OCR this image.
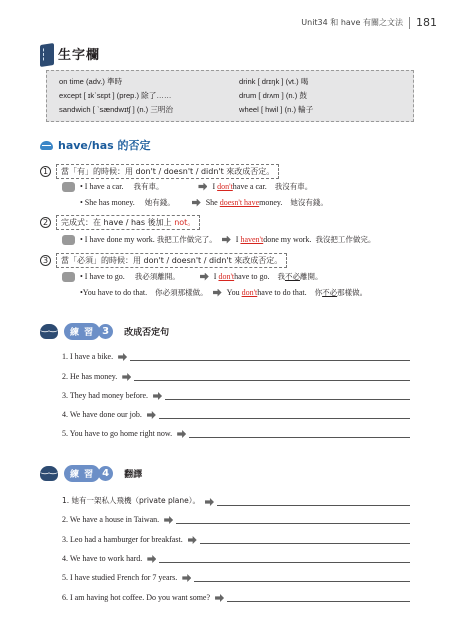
Unit34 和 have 有關之文法 181
生字欄
on time (adv.) 準時	drink [ drɪŋk ] (vt.) 喝
except [ ɪkˋsɛpt ] (prep.) 除了……	drum [ drʌm ] (n.) 鼓
sandwich [ ˋsændwɪtʃ ] (n.) 三明治	wheel [ hwil ] (n.) 輪子
have/has 的否定
1	當「有」的時候：用 don't / doesn't / didn't 來改成否定。
• I have a car. 我有車。	I don't have a car. 我沒有車。
• She has money. 她有錢。	She doesn't have money. 她沒有錢。
2	完成式：在 have / has 後加上 not。
• I have done my work. 我把工作做完了。 I haven't done my work. 我沒把工作做完。
3	當「必須」的時候：用 don't / doesn't / didn't 來改成否定。
• I have to go. 我必須離開。	I don't have to go. 我不必離開。
•You have to do that. 你必須那樣做。 You don't have to do that. 你不必那樣做。
‿‿
練 習 3	改成否定句
1. I have a bike.
2. He has money.
3. They had money before.
4. We have done our job.
5. You have to go home right now.
‿‿
練 習 4	翻譯
1. 她有一架私人飛機（private plane）。
2. We have a house in Taiwan.
3. Leo had a hamburger for breakfast.
4. We have to work hard.
5. I have studied French for 7 years.
6. I am having hot coffee. Do you want some?
